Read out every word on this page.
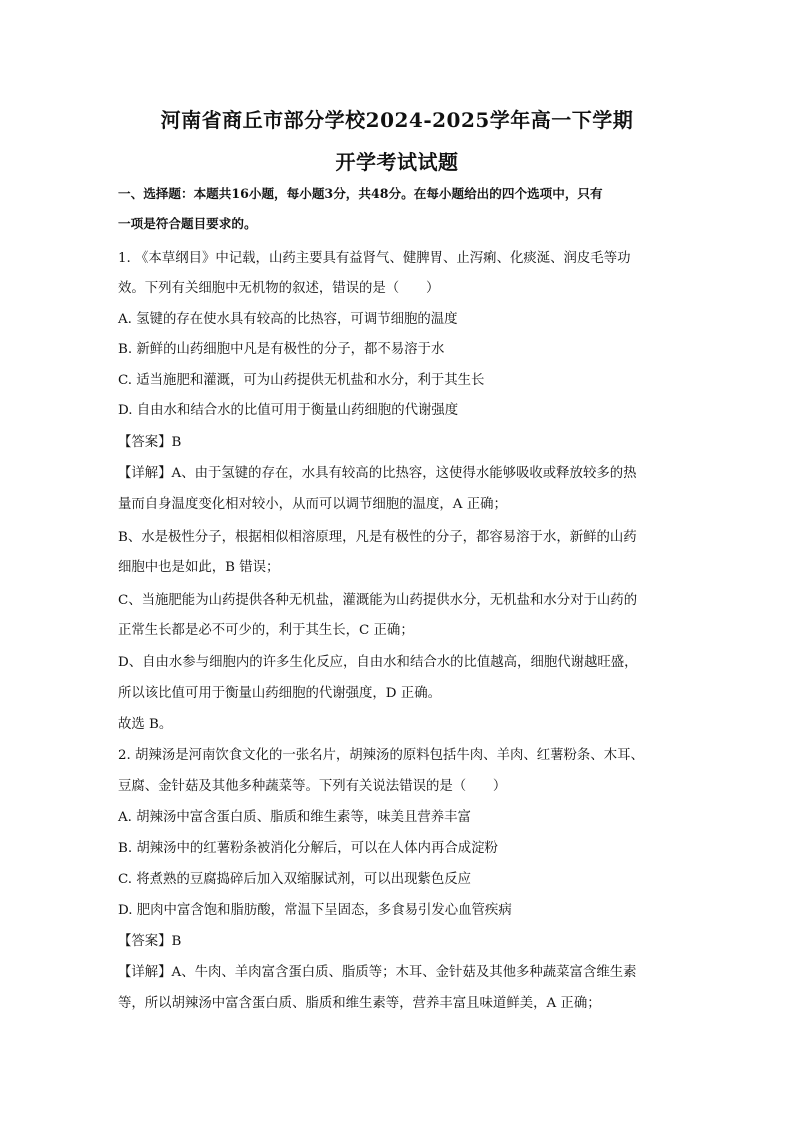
河南省商丘市部分学校2024-2025学年高一下学期
开学考试试题
一、选择题：本题共16小题，每小题3分，共48分。在每小题给出的四个选项中，只有
一项是符合题目要求的。
1. 《本草纲目》中记载，山药主要具有益肾气、健脾胃、止泻痢、化痰涎、润皮毛等功
效。下列有关细胞中无机物的叙述，错误的是（　　）
A. 氢键的存在使水具有较高的比热容，可调节细胞的温度
B. 新鲜的山药细胞中凡是有极性的分子，都不易溶于水
C. 适当施肥和灌溉，可为山药提供无机盐和水分，利于其生长
D. 自由水和结合水的比值可用于衡量山药细胞的代谢强度
【答案】B
【详解】A、由于氢键的存在，水具有较高的比热容，这使得水能够吸收或释放较多的热
量而自身温度变化相对较小，从而可以调节细胞的温度，A 正确；
B、水是极性分子，根据相似相溶原理，凡是有极性的分子，都容易溶于水，新鲜的山药
细胞中也是如此，B 错误；
C、当施肥能为山药提供各种无机盐，灌溉能为山药提供水分，无机盐和水分对于山药的
正常生长都是必不可少的，利于其生长，C 正确；
D、自由水参与细胞内的许多生化反应，自由水和结合水的比值越高，细胞代谢越旺盛，
所以该比值可用于衡量山药细胞的代谢强度，D 正确。
故选 B。
2. 胡辣汤是河南饮食文化的一张名片，胡辣汤的原料包括牛肉、羊肉、红薯粉条、木耳、
豆腐、金针菇及其他多种蔬菜等。下列有关说法错误的是（　　）
A. 胡辣汤中富含蛋白质、脂质和维生素等，味美且营养丰富
B. 胡辣汤中的红薯粉条被消化分解后，可以在人体内再合成淀粉
C. 将煮熟的豆腐捣碎后加入双缩脲试剂，可以出现紫色反应
D. 肥肉中富含饱和脂肪酸，常温下呈固态，多食易引发心血管疾病
【答案】B
【详解】A、牛肉、羊肉富含蛋白质、脂质等；木耳、金针菇及其他多种蔬菜富含维生素
等，所以胡辣汤中富含蛋白质、脂质和维生素等，营养丰富且味道鲜美，A 正确；
